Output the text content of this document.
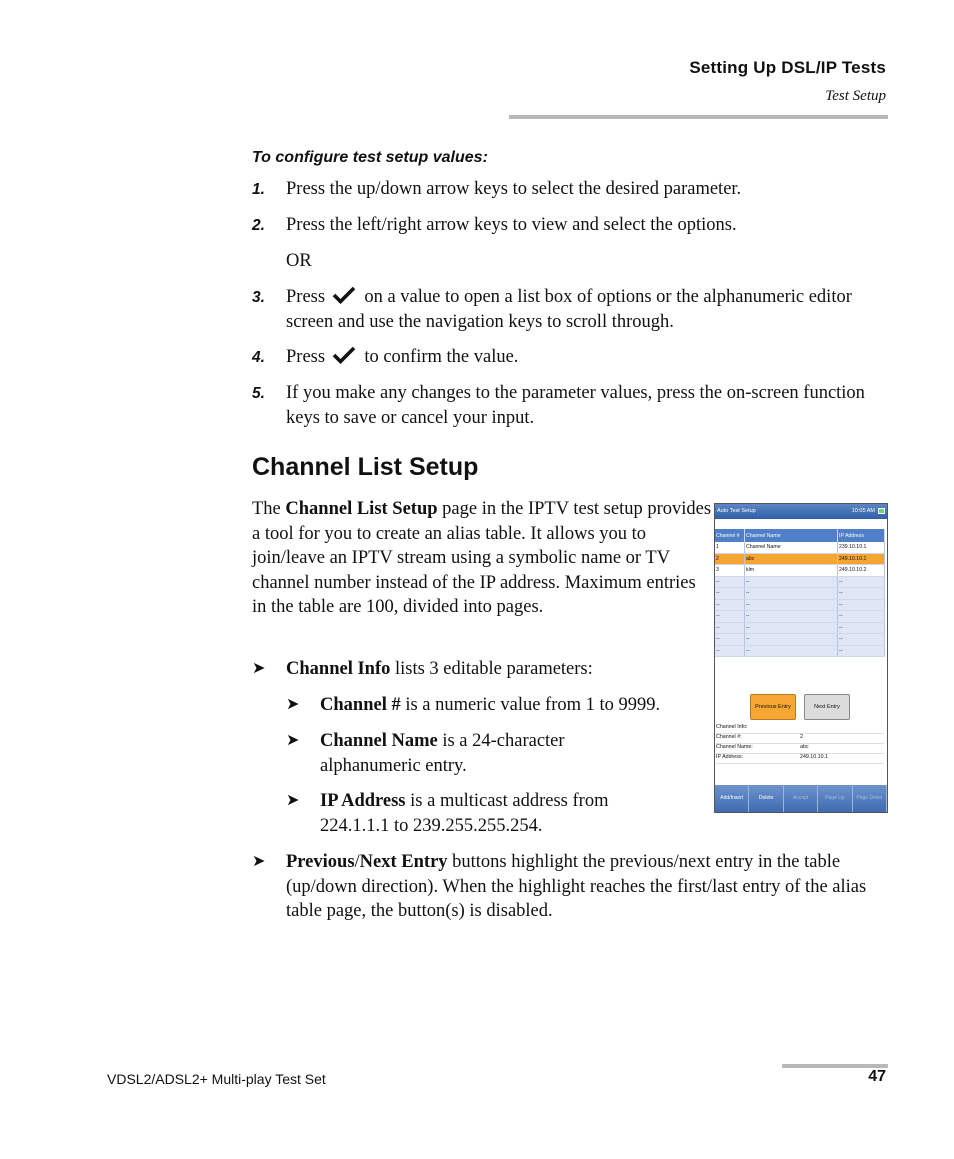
Setting Up DSL/IP Tests
Test Setup
To configure test setup values:
1. Press the up/down arrow keys to select the desired parameter.
2. Press the left/right arrow keys to view and select the options.
OR
3. Press on a value to open a list box of options or the alphanumeric editor screen and use the navigation keys to scroll through.
4. Press to confirm the value.
5. If you make any changes to the parameter values, press the on-screen function keys to save or cancel your input.
Channel List Setup
The Channel List Setup page in the IPTV test setup provides a tool for you to create an alias table. It allows you to join/leave an IPTV stream using a symbolic name or TV channel number instead of the IP address. Maximum entries in the table are 100, divided into pages.
➤ Channel Info lists 3 editable parameters:
➤ Channel # is a numeric value from 1 to 9999.
➤ Channel Name is a 24-character alphanumeric entry.
➤ IP Address is a multicast address from 224.1.1.1 to 239.255.255.254.
➤ Previous/Next Entry buttons highlight the previous/next entry in the table (up/down direction). When the highlight reaches the first/last entry of the alias table page, the button(s) is disabled.
Auto Test Setup	10:05 AM
Channel #	Channel Name	IP Address
1	Channel Name	239.10.10.1
2	abc	249.10.10.1
3	klm	249.10.10.2
--	--	--
--	--	--
--	--	--
--	--	--
--	--	--
--	--	--
--	--	--
Previous Entry	Next Entry
Channel Info:
Channel #:	2
Channel Name:	abc
IP Address:	249.10.10.1
Add/Insert	Delete	Accept	Page Up	Page Down
VDSL2/ADSL2+ Multi-play Test Set	47
